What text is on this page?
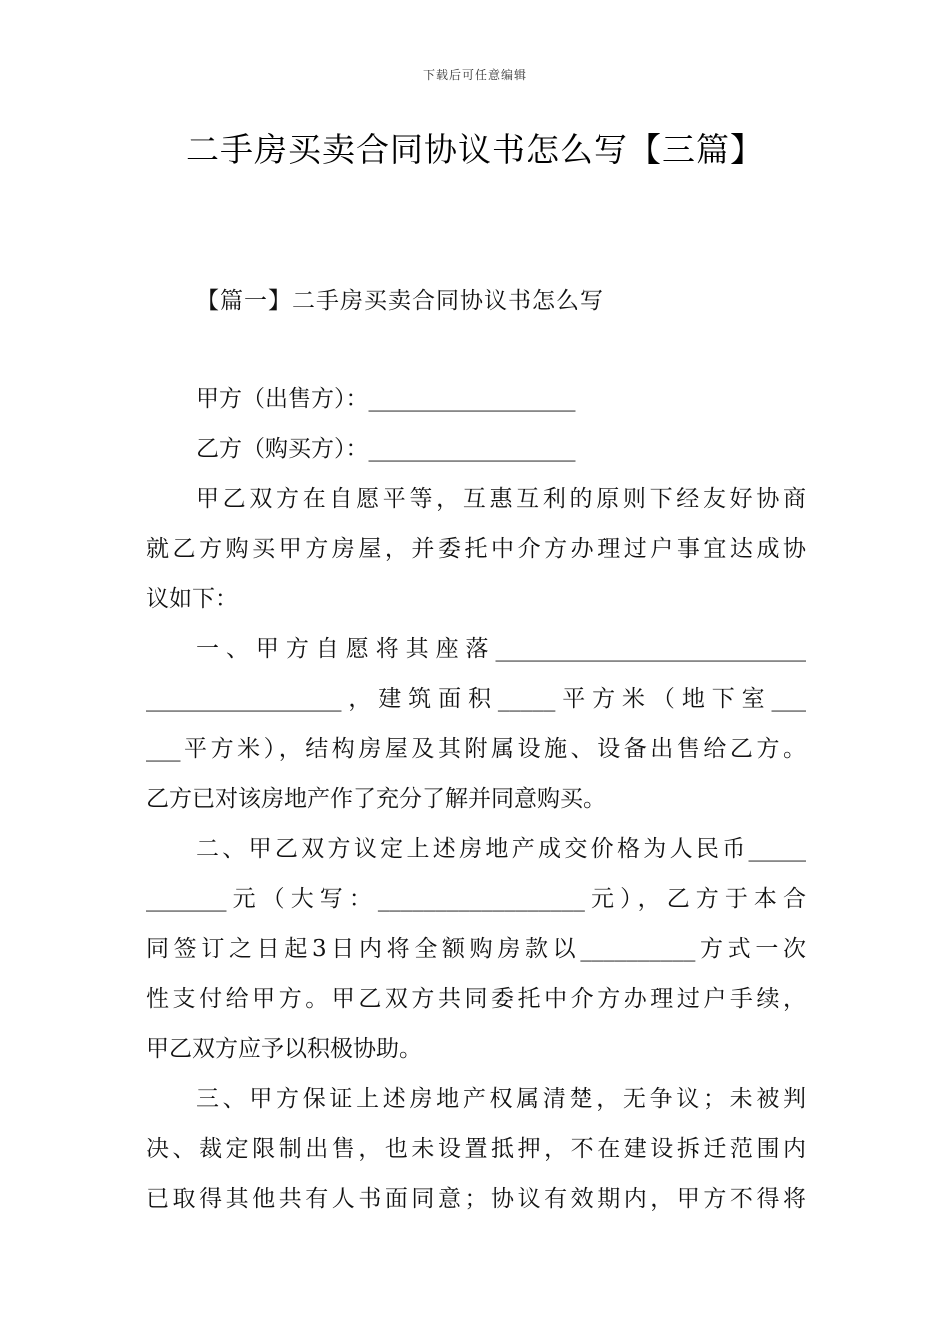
下载后可任意编辑
二手房买卖合同协议书怎么写【三篇】
【篇一】二手房买卖合同协议书怎么写
甲方（出售方）：__________________
乙方（购买方）：__________________
甲乙双方在自愿平等，互惠互利的原则下经友好协商
就乙方购买甲方房屋，并委托中介方办理过户事宜达成协
议如下：
一、甲方自愿将其座落___________________________
_________________，建筑面积_____平方米（地下室___
___平方米），结构房屋及其附属设施、设备出售给乙方。
乙方已对该房地产作了充分了解并同意购买。
二、甲乙双方议定上述房地产成交价格为人民币_____
_______元（大写：__________________元），乙方于本合
同签订之日起3日内将全额购房款以__________方式一次
性支付给甲方。甲乙双方共同委托中介方办理过户手续，
甲乙双方应予以积极协助。
三、甲方保证上述房地产权属清楚，无争议；未被判
决、裁定限制出售，也未设置抵押，不在建设拆迁范围内
已取得其他共有人书面同意；协议有效期内，甲方不得将
